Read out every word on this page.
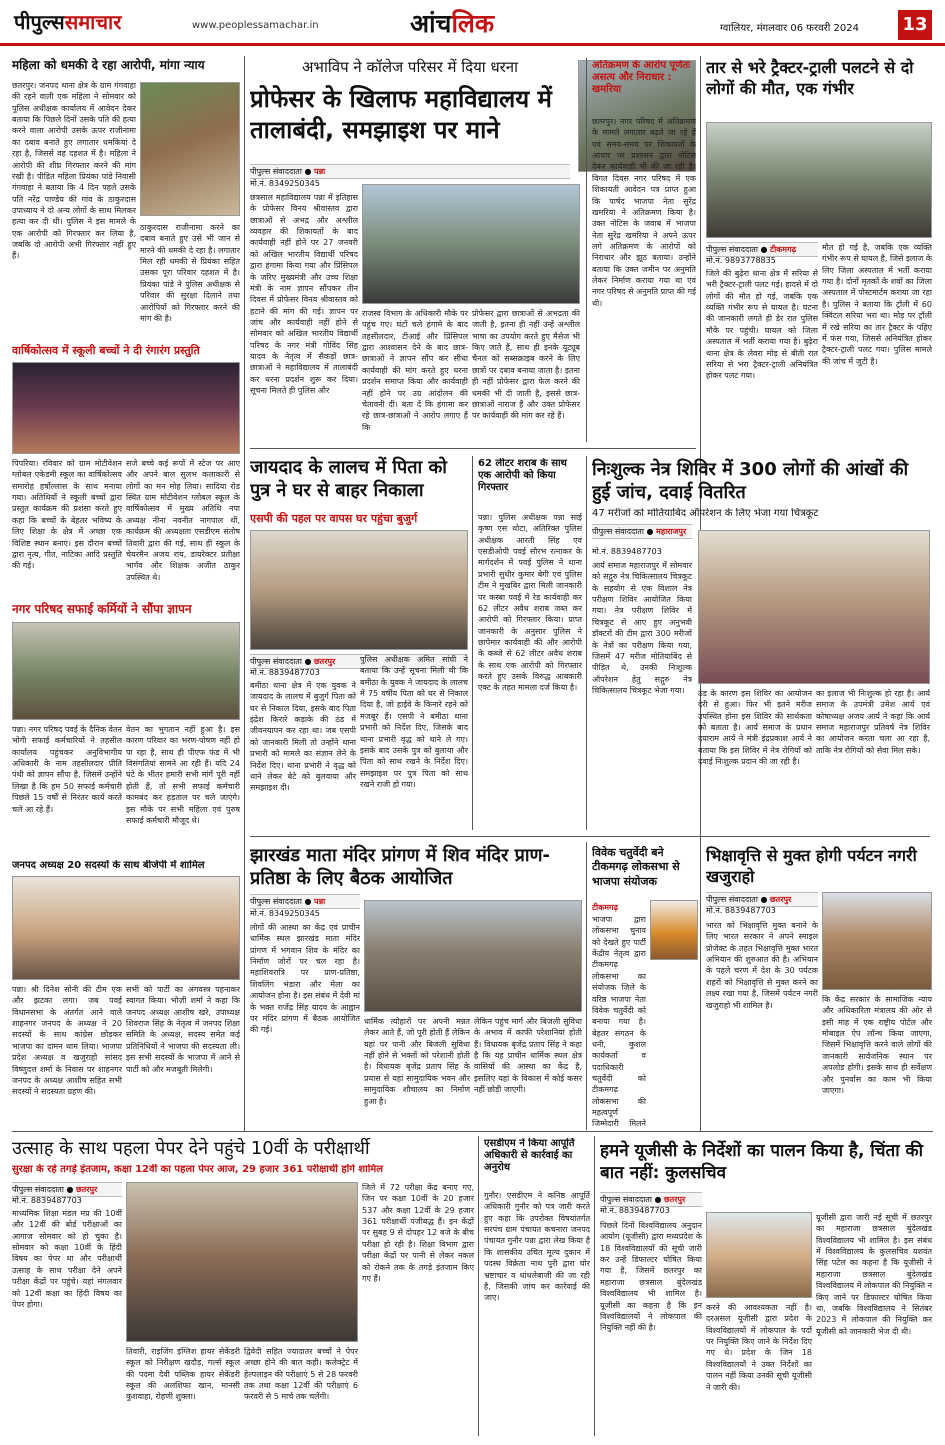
पीपुल्ससमाचार	www.peoplessamachar.in	आंचलिक	ग्वालियर, मंगलवार 06 फरवरी 2024 13
महिला को धमकी दे रहा आरोपी, मांगा न्याय
छतरपुर। जनपद थाना क्षेत्र के ग्राम गंगवाहा की रहने वाली एक महिला ने सोमवार को पुलिस अधीक्षक कार्यालय में आवेदन देकर बताया कि पिछले दिनों उसके पति की हत्या करने वाला आरोपी उसके ऊपर राजीनामा का दबाव बनाते हुए लगातार धमकियां दे रहा है, जिससे वह दहशत में है। महिला ने आरोपी की शीघ्र गिरफ्तार करने की मांग रखी है। पीड़ित महिला प्रियंका पांडे निवासी गंगवाहा ने बताया कि 4 दिन पहले उसके पति नरेंद्र पाण्डेय की गांव के ठाकुरदास उपाध्याय ने दो अन्य लोगों के साथ मिलकर हत्या कर दी थी। पुलिस ने इस मामले के एक आरोपी को गिरफ्तार कर लिया है, जबकि दो आरोपी अभी गिरफ्तार नहीं हुए हैं।
ठाकुरदास राजीनामा करने का दबाव बनाते हुए उसे भी जान से मारने की धमकी दे रहा है। लगातार मिल रही धमकी से प्रियंका सहित उसका पूरा परिवार दहशत में है। प्रियंका पांडे ने पुलिस अधीक्षक से परिवार की सुरक्षा दिलाने तथा आरोपियों को गिरफ्तार करने की मांग की है।
वार्षिकोत्सव में स्कूली बच्चों ने दी रंगारंग प्रस्तुति
पिपरिया। रविवार को ग्राम मोटीवेशन ग्लोबल एकेडमी स्कूल का वार्षिकोत्सव समारोह हर्षोल्लास के साथ मनाया गया। अतिथियों ने स्कूली बच्चों द्वारा प्रस्तुत कार्यक्रम की प्रशंसा करते हुए कहा कि बच्चों के बेहतर भविष्य के लिए शिक्षा के क्षेत्र में अच्छा एक विशिष्ट स्थान बनाएं। इस दौरान बच्चों द्वारा नृत्य, गीत, नाटिका आदि प्रस्तुति की गई।
सजे बच्चे कई रूपों में स्टेज पर आए और अपने बाल सुलभ कलाकारी से लोगों का मन मोह लिया। सादिया रोड स्थित ग्राम मोटीवेशन ग्लोबल स्कूल के वार्षिकोत्सव में मुख्य अतिथि नपा अध्यक्ष नीना नवनीत नागपाल थीं, कार्यक्रम की अध्यक्षता एसडीएम संतोष तिवारी द्वारा की गई, साथ ही स्कूल के चेयरमैन अजय राय, डायरेक्टर प्रतीक्षा भार्गव और शिक्षक अजीत ठाकुर उपस्थित थे।
नगर परिषद सफाई कर्मियों ने सौंपा ज्ञापन
पन्ना। नगर परिषद पवई के दैनिक वेतन भोगी सफाई कर्मचारियों ने तहसील कार्यालय पहुंचकर अनुविभागीय अधिकारी के नाम तहसीलदार प्रीति पंथी को ज्ञापन सौंपा है, जिसमें उन्होंने लिखा है कि हम 50 सफाई कर्मचारी पिछले 15 वर्षों से निरंतर कार्य करते चले आ रहे हैं।
वेतन का भुगतान नहीं हुआ है। इस कारण परिवार का भरण-पोषण नहीं हो पा रहा है, साथ ही पीएफ फंड में भी विसंगतियां सामने आ रही हैं। यदि 24 घंटे के भीतर हमारी सभी मांगें पूरी नहीं होती हैं, तो सभी सफाई कर्मचारी कामबंद कर हड़ताल पर चले जाएंगे। इस मौके पर सभी महिला एवं पुरुष सफाई कर्मचारी मौजूद थे।
जनपद अध्यक्ष 20 सदस्यों के साथ बीजेपी में शामिल
पन्ना। श्री दिनेश सोनी की टीम एक और झटका लगा। जब पवई विधानसभा के अंतर्गत आने वाले शाहनगर जनपद के अध्यक्ष ने 20 सदस्यों के साथ कांग्रेस छोड़कर भाजपा का दामन थाम लिया। भाजपा प्रदेश अध्यक्ष व खजुराहो सांसद विष्णुदत्त शर्मा के निवास पर शाहनगर जनपद के अध्यक्ष आशीष सहित सभी सदस्यों ने सदस्यता ग्रहण की।
सभी को पार्टी का अंगवस्त्र पहनाकर स्वागत किया। भोज़ी शर्मा ने कहा कि जनपद अध्यक्ष आशीष खरे, उपाध्यक्ष शिवराज सिंह के नेतृत्व में जनपद शिक्षा समिति के अध्यक्ष, सदस्य समेत कई प्रतिनिधियों ने भाजपा की सदस्यता ली। इस सभी सदस्यों के भाजपा में आने से पार्टी को और मजबूती मिलेगी।
अभाविप ने कॉलेज परिसर में दिया धरना
प्रोफेसर के खिलाफ महाविद्यालय में तालाबंदी, समझाइश पर माने
पीपुल्स संवाददाता ● पन्ना
मो.नं. 8349250345
छत्रसाल महाविद्यालय पन्ना में इतिहास के प्रोफेसर विनय श्रीवास्तव द्वारा छात्राओं से अभद्र और अश्लील व्यवहार की शिकायतों के बाद कार्यवाही नहीं होने पर 27 जनवरी को अखिल भारतीय विद्यार्थी परिषद द्वारा हंगामा किया गया और प्रिंसिपल के जरिए मुख्यमंत्री और उच्च शिक्षा मंत्री के नाम ज्ञापन सौंपकर तीन दिवस में प्रोफेसर विनय श्रीवास्तव को हटाने की मांग की गई। ज्ञापन पर जांच और कार्यवाही नहीं होने से सोमवार को अखिल भारतीय विद्यार्थी परिषद के नगर मंत्री गोविंद सिंह यादव के नेतृत्व में सैकड़ों छात्र-छात्राओं ने महाविद्यालय में तालाबंदी कर धरना प्रदर्शन शुरू कर दिया। सूचना मिलते ही पुलिस और
राजस्व विभाग के अधिकारी मौके पर पहुंच गए। घंटों चले हंगामे के बाद तहसीलदार, टीआई और प्रिंसिपल द्वारा आश्वासन देने के बाद छात्र-छात्राओं ने ज्ञापन सौंप कर सीधा कार्यवाही की मांग करते हुए धरना प्रदर्शन समाप्त किया और कार्यवाही नहीं होने पर उग्र आंदोलन की चेतावनी दी। बता दें कि हंगामा कर रहे छात्र-छात्राओं ने आरोप लगाए हैं कि
प्रोफेसर द्वारा छात्राओं से अभद्रता की जाती है, इतना ही नहीं उन्हें अश्लील भाषा का उपयोग करते हुए मैसेज भी किए जाते हैं, साथ ही इनके यूट्यूब चैनल को सब्सक्राइब करने के लिए छात्रों पर दबाव बनाया जाता है। इतना ही नहीं प्रोफेसर द्वारा फेल करने की धमकी भी दी जाती है, इससे छात्र-छात्राओं नाराज हैं और उक्त प्रोफेसर पर कार्यवाही की मांग कर रहे हैं।
अतिक्रमण के आरोप पूर्णतः असत्य और निराधार : खमरिया
छतरपुर। नगर परिषद में अतिक्रमण के मामले लगातार बढ़ते जा रहे हैं एवं समय-समय पर शिकायतों के आधार पर प्रशासन द्वारा नोटिस देकर कार्यवाही भी की जा रही है। विगत दिवस नगर परिषद में एक शिकायती आवेदन पत्र प्राप्त हुआ कि पार्षद भाजपा नेता सुरेंद्र खमरिया ने अतिक्रमण किया है। उक्त नोटिस के जवाब में भाजपा नेता सुरेंद्र खमरिया ने अपने ऊपर लगे अतिक्रमण के आरोपों को निराधार और झूठ बताया। उन्होंने बताया कि उक्त जमीन पर अनुमति लेकर निर्माण कराया गया था एवं नगर परिषद से अनुमति प्राप्त की गई थी।
जायदाद के लालच में पिता को पुत्र ने घर से बाहर निकाला
एसपी की पहल पर वापस घर पहुंचा बुजुर्ग
पीपुल्स संवाददाता ● छतरपुर
मो.नं. 8839487703
बमीठा थाना क्षेत्र में एक युवक ने जायदाद के लालच में बुजुर्ग पिता को घर से निकाल दिया, इसके बाद पिता इंद्रेश किरारे कड़ाके की ठंड में जीवनयापन कर रहा था। जब एसपी को जानकारी मिली तो उन्होंने थाना प्रभारी को मामले का संज्ञान लेने के निर्देश दिए। थाना प्रभारी ने वृद्ध को थाने लेकर बेटे को बुलवाया और समझाइश दी।
पुलिस अधीक्षक अमित सांघी ने बताया कि उन्हें सूचना मिली थी कि बमीठा के युवक ने जायदाद के लालच में 75 वर्षीय पिता को घर से निकाल दिया है, जो हाईवे के किनारे रहने को मजबूर हैं। एसपी ने बमीठा थाना प्रभारी को निर्देश दिए, जिसके बाद थाना प्रभारी वृद्ध को थाने ले गए। इसके बाद उसके पुत्र को बुलाया और पिता को साथ रखने के निर्देश दिए। समझाइश पर पुत्र पिता को साथ रखने राजी हो गया।
62 लीटर शराब के साथ एक आरोपी को किया गिरफ्तार
पन्ना। पुलिस अधीक्षक पन्ना साई कृष्ण एस थोटा, अतिरिक्त पुलिस अधीक्षक आरती सिंह एवं एसडीओपी पवई सौरभ रत्नाकर के मार्गदर्शन में पवई पुलिस ने थाना प्रभारी सुधीर कुमार बेगी एवं पुलिस टीम ने मुखबिर द्वारा मिली जानकारी पर कस्बा पवई में रेड कार्यवाही कर 62 लीटर अवैध शराब जब्त कर आरोपी को गिरफ्तार किया। प्राप्त जानकारी के अनुसार पुलिस ने छापेमार कार्यवाही की और आरोपी के कब्जे से 62 लीटर अवैध शराब के साथ एक आरोपी को गिरफ्तार करते हुए उसके विरुद्ध आबकारी एक्ट के तहत मामला दर्ज किया है।
निःशुल्क नेत्र शिविर में 300 लोगों की आंखों की हुई जांच, दवाई वितरित
47 मरीजों को मोतियाबिंद ऑपरेशन के लिए भेजा गया चित्रकूट
पीपुल्स संवाददाता ● महाराजपुर
मो.नं. 8839487703
आर्य समाज महाराजपुर में सोमवार को सद्गुरु नेत्र चिकित्सालय चित्रकूट के सहयोग से एक विशाल नेत्र परीक्षण शिविर आयोजित किया गया। नेत्र परीक्षण शिविर में चित्रकूट से आए हुए अनुभवी डॉक्टरों की टीम द्वारा 300 मरीजों के नेत्रों का परीक्षण किया गया, जिसमें 47 मरीज मोतियाबिंद से पीड़ित थे, उनकी निःशुल्क ऑपरेशन हेतु सद्गुरु नेत्र चिकित्सालय चित्रकूट भेजा गया।	ठंड के कारण इस शिविर का आयोजन देरी से हुआ। फिर भी इतने मरीज उपस्थित होना इस शिविर की सार्थकता को बताता है। आर्य समाज के प्रधान दयाराम आर्य ने मंत्री इंद्रप्रकाश आर्य ने बताया कि इस शिविर में नेत्र रोगियों को दवाई निःशुल्क प्रदान की जा रही है।
का इलाज भी निःशुल्क हो रहा है। आर्य समाज के उपमंत्री उमेश आर्य एवं कोषाध्यक्ष अजय आर्य ने कहा कि आर्य समाज महाराजपुर प्रतिवर्ष नेत्र शिविर का आयोजन करता चला आ रहा है, ताकि नेत्र रोगियों को सेवा मिल सके।
झारखंड माता मंदिर प्रांगण में शिव मंदिर प्राण-प्रतिष्ठा के लिए बैठक आयोजित
पीपुल्स संवाददाता ● पन्ना
मो.नं. 8349250345
लोगों की आस्था का केंद्र एवं प्राचीन धार्मिक स्थल झारखंड माता मंदिर प्रांगण में भगवान शिव के मंदिर का निर्माण जोरों पर चल रहा है। महाशिवरात्रि पर प्राण-प्रतिष्ठा, शिवलिंग भंडारा और मेला का आयोजन होना है। इस संबंध में देवी मां के भक्त राजेंद्र सिंह यादव के आह्वान पर मंदिर प्रांगण में बैठक आयोजित की गई।
धार्मिक त्योहारों पर अपनी मन्नत लेकर आते हैं, जो पूरी होती हैं लेकिन यहां पर पानी और बिजली सुविधा नहीं होने से भक्तों को परेशानी होती है। विधायक बृजेंद्र प्रताप सिंह के प्रयास से यहां सामुदायिक भवन और सामुदायिक शौचालय का निर्माण हुआ है।
लेकिन पहुंच मार्ग और बिजली सुविधा के अभाव में काफी परेशानियां होती हैं। विधायक बृजेंद्र प्रताप सिंह ने कहा है कि यह प्राचीन धार्मिक स्थल क्षेत्र वासियों की आस्था का केंद्र है, इसलिए यहां के विकास में कोई कसर नहीं छोड़ी जाएगी।
विवेक चतुर्वेदी बने टीकमगढ़ लोकसभा से भाजपा संयोजक
टीकमगढ़
भाजपा द्वारा लोकसभा चुनाव को देखते हुए पार्टी केंद्रीय नेतृत्व द्वारा टीकमगढ़ लोकसभा का संयोजक जिले के वरिष्ठ भाजपा नेता विवेक चतुर्वेदी को बनाया गया है। बेहतर संगठन के धनी, कुशल कार्यकर्ता व पदाधिकारी चतुर्वेदी को टीकमगढ़ लोकसभा की महत्वपूर्ण जिम्मेदारी मिलने
तार से भरे ट्रैक्टर-ट्राली पलटने से दो लोगों की मौत, एक गंभीर
पीपुल्स संवाददाता ● टीकमगढ़
मो.नं. 9893778835
जिले की बुढ़ेरा थाना क्षेत्र में सरिया से भरी ट्रैक्टर-ट्राली पलट गई। हादसे में दो लोगों की मौत हो गई, जबकि एक व्यक्ति गंभीर रूप से घायल है। घटना की जानकारी लगते ही डेर रात पुलिस मौके पर पहुंची। घायल को जिला अस्पताल में भर्ती कराया गया है। बुढ़ेरा थाना क्षेत्र के लेवरा मोड़ से बीती रात सरिया से भरा ट्रैक्टर-ट्राली अनियंत्रित होकर पलट गया।
मौत हो गई है, जबकि एक व्यक्ति गंभीर रूप से घायल है, जिसे इलाज के लिए जिला अस्पताल में भर्ती कराया गया है। दोनों मृतकों के शवों का जिला अस्पताल में पोस्टमार्टम कराया जा रहा है। पुलिस ने बताया कि ट्रॉली में 60 क्विंटल सरिया भरा था। मोड़ पर ट्रॉली में रखे सरिया का तार ट्रैक्टर के पहिए में फंस गया, जिससे अनियंत्रित होकर ट्रैक्टर-ट्राली पलट गया। पुलिस मामले की जांच में जुटी है।
भिक्षावृत्ति से मुक्त होगी पर्यटन नगरी खजुराहो
पीपुल्स संवाददाता ● छतरपुर
मो.नं. 8839487703
भारत को भिक्षावृत्ति मुक्त बनाने के लिए भारत सरकार ने अपने स्माइल प्रोजेक्ट के तहत भिक्षावृत्ति मुक्त भारत अभियान की शुरुआत की है। अभियान के पहले चरण में देश के 30 पर्यटक शहरों को भिक्षावृत्ति से मुक्त करने का लक्ष्य रखा गया है, जिसमें पर्यटन नगरी खजुराहो भी शामिल है।
कि केंद्र सरकार के सामाजिक न्याय और अधिकारिता मंत्रालय की ओर से इसी माह में एक राष्ट्रीय पोर्टल और मोबाइल ऐप लॉन्च किया जाएगा, जिसमें भिक्षावृत्ति करने वाले लोगों की जानकारी सार्वजनिक स्थान पर अपलोड होगी। इसके साथ ही सर्वेक्षण और पुनर्वास का काम भी किया जाएगा।
उत्साह के साथ पहला पेपर देने पहुंचे 10वीं के परीक्षार्थी
सुरक्षा के रहे तगड़े इंतजाम, कक्षा 12वीं का पहला पेपर आज, 29 हजार 361 परीक्षार्थी होंगे शामिल
पीपुल्स संवाददाता ● छतरपुर
मो.नं. 8839487703
माध्यमिक शिक्षा मंडल मप्र की 10वीं और 12वीं की बोर्ड परीक्षाओं का आगाज सोमवार को हो चुका है। सोमवार को कक्षा 10वीं के हिंदी विषय का पेपर था और परीक्षार्थी उत्साह के साथ परीक्षा देने अपने परीक्षा केंद्रों पर पहुंचे। यहां मंगलवार को 12वीं कक्षा का हिंदी विषय का पेपर होगा।
तिवारी, राइजिंग इंग्लिश हायर सेकेंडरी स्कूल को निरीक्षण खदौड़, गर्ल्स स्कूल की पदमा देवी पब्लिक हायर सेकेंडरी स्कूल की अलशिफा खान, मानसी कुशवाहा, रोहणी शुक्ला।
द्विवेदी सहित ज्यादातर बच्चों ने पेपर अच्छा होने की बात कही। कलेक्ट्रेट में हेल्पलाइन की परीक्षाएं 5 से 28 फरवरी तक तथा कक्षा 12वीं की परीक्षाएं 6 फरवरी से 5 मार्च तक चलेंगी।
जिले में 72 परीक्षा केंद्र बनाए गए, जिन पर कक्षा 10वीं के 20 हजार 537 और कक्षा 12वीं के 29 हजार 361 परीक्षार्थी पंजीबद्ध हैं। इन केंद्रों पर सुबह 9 से दोपहर 12 बजे के बीच परीक्षा हो रही है। शिक्षा विभाग द्वारा परीक्षा केंद्रों पर पानी से लेकर नकल को रोकने तक के तगड़े इंतजाम किए गए हैं।
एसडीएम ने किया आपूर्ति अधिकारी से कार्रवाई का अनुरोध
गुनौर। एसडीएम ने कनिष्ठ आपूर्ति अधिकारी गुनौर को पत्र जारी करते हुए कहा कि उपरोक्त विषयांतर्गत सरपंच ग्राम पंचायत कचनारा जनपद पंचायत गुनौर पन्ना द्वारा लेख किया है कि शासकीय उचित मूल्य दुकान में पदस्थ विक्रेता नाथ पुरी द्वारा घोर भ्रष्टाचार व धांधलेबाजी की जा रही है, जिसकी जांच कर कार्रवाई की जाए।
हमने यूजीसी के निर्देशों का पालन किया है, चिंता की बात नहीं: कुलसचिव
पीपुल्स संवाददाता ● छतरपुर
मो.नं. 8839487703
पिछले दिनों विश्वविद्यालय अनुदान आयोग (यूजीसी) द्वारा मध्यप्रदेश के 18 विश्वविद्यालयों की सूची जारी कर उन्हें डिफाल्टर घोषित किया गया है, जिसमें छतरपुर का महाराजा छत्रसाल बुंदेलखंड विश्वविद्यालय भी शामिल है। यूजीसी का कहना है कि इन विश्वविद्यालयों ने लोकपाल की नियुक्ति नहीं की है।
करने की आवश्यकता नहीं है। दरअसल यूजीसी द्वारा प्रदेश के विश्वविद्यालयों में लोकपाल के पदों पर नियुक्ति किए जाने के निर्देश दिए गए थे। प्रदेश के जिन 18 विश्वविद्यालयों ने उक्त निर्देशों का पालन नहीं किया उनकी सूची यूजीसी ने जारी की।
यूजीसी द्वारा जारी नई सूची में छतरपुर का महाराजा छत्रसाल बुंदेलखंड विश्वविद्यालय भी शामिल है। इस संबंध में विश्वविद्यालय के कुलसचिव यशवंत सिंह पटेल का कहना है कि यूजीसी ने महाराजा छत्रसाल बुंदेलखंड विश्वविद्यालय में लोकपाल की नियुक्ति न किए जाने पर डिफाल्टर घोषित किया था, जबकि विश्वविद्यालय ने सितंबर 2023 में लोकपाल की नियुक्ति कर यूजीसी को जानकारी भेज दी थी।
